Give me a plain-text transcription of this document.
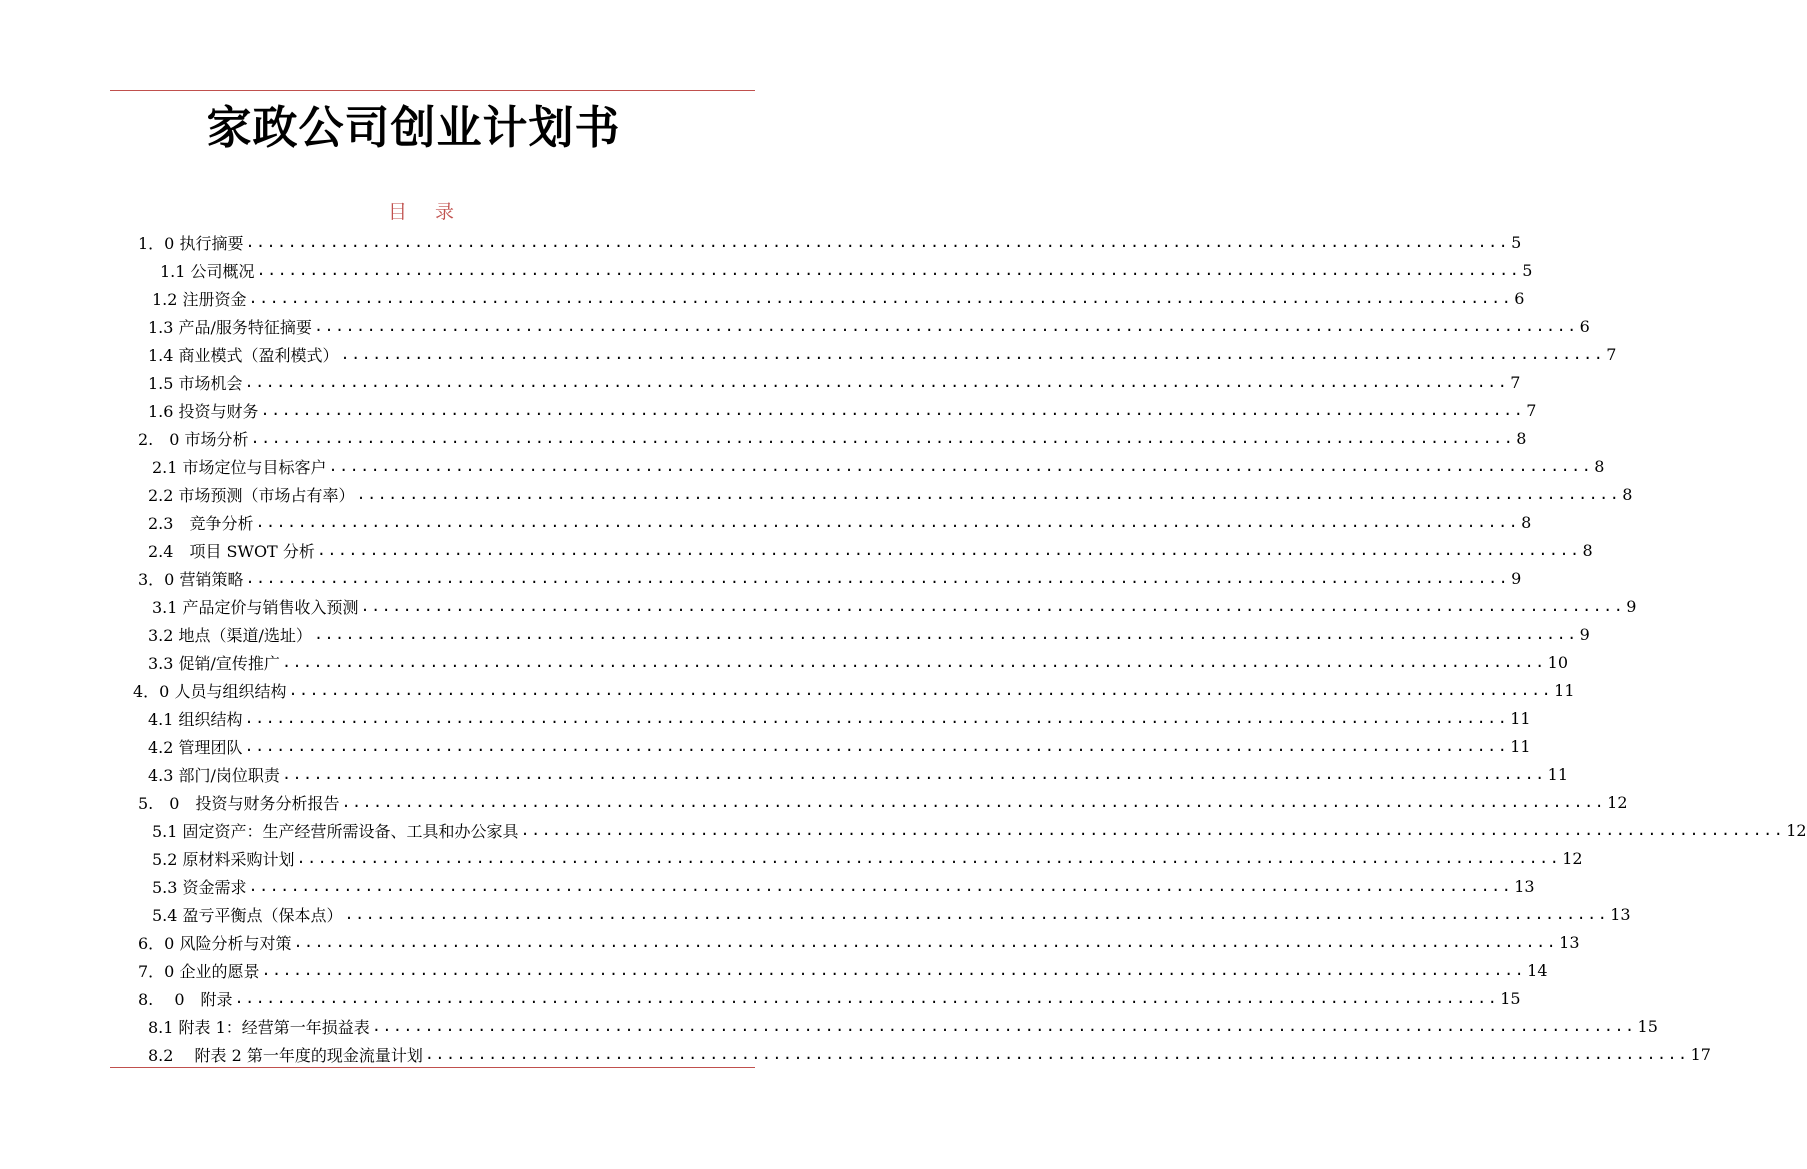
家政公司创业计划书
目录
1．0 执行摘要 ........................................................................................................................ 5
1.1 公司概况 ........................................................................................................................ 5
1.2 注册资金 ........................................................................................................................ 6
1.3 产品/服务特征摘要 ........................................................................................................................ 6
1.4 商业模式（盈利模式） ........................................................................................................................ 7
1.5 市场机会 ........................................................................................................................ 7
1.6 投资与财务 ........................................................................................................................ 7
2.　0 市场分析 ........................................................................................................................ 8
2.1 市场定位与目标客户 ........................................................................................................................ 8
2.2 市场预测（市场占有率） ........................................................................................................................ 8
2.3　竞争分析 ........................................................................................................................ 8
2.4　项目 SWOT 分析 ........................................................................................................................ 8
3．0 营销策略 ........................................................................................................................ 9
3.1 产品定价与销售收入预测 ........................................................................................................................ 9
3.2 地点（渠道/选址） ........................................................................................................................ 9
3.3 促销/宣传推广 ........................................................................................................................ 10
4．0 人员与组织结构 ........................................................................................................................ 11
4.1 组织结构 ........................................................................................................................ 11
4.2 管理团队 ........................................................................................................................ 11
4.3 部门/岗位职责 ........................................................................................................................ 11
5.　0　投资与财务分析报告 ........................................................................................................................ 12
5.1 固定资产：生产经营所需设备、工具和办公家具 ........................................................................................................................ 12
5.2 原材料采购计划 ........................................................................................................................ 12
5.3 资金需求 ........................................................................................................................ 13
5.4 盈亏平衡点（保本点） ........................................................................................................................ 13
6．0 风险分析与对策 ........................................................................................................................ 13
7．0 企业的愿景 ........................................................................................................................ 14
8.　 0　附录 ........................................................................................................................ 15
8.1 附表 1：经营第一年损益表 ........................................................................................................................ 15
8.2　 附表 2 第一年度的现金流量计划 ........................................................................................................................ 17
